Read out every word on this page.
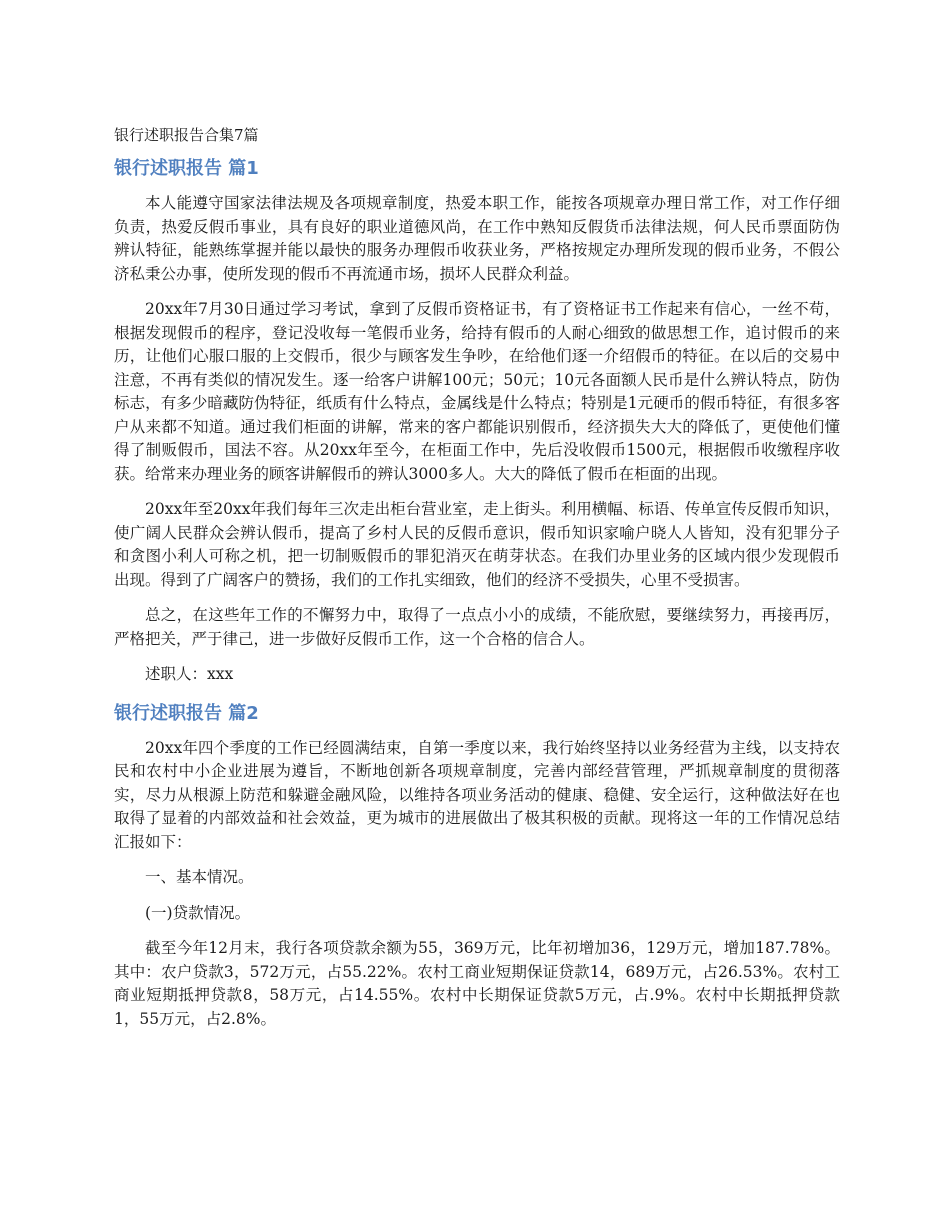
银行述职报告合集7篇
银行述职报告 篇1

本人能遵守国家法律法规及各项规章制度，热爱本职工作，能按各项规章办理日常工作，对工作仔细负责，热爱反假币事业，具有良好的职业道德风尚，在工作中熟知反假货币法律法规，何人民币票面防伪辨认特征，能熟练掌握并能以最快的服务办理假币收获业务，严格按规定办理所发现的假币业务，不假公济私秉公办事，使所发现的假币不再流通市场，损坏人民群众利益。

20xx年7月30日通过学习考试，拿到了反假币资格证书，有了资格证书工作起来有信心，一丝不苟，根据发现假币的程序，登记没收每一笔假币业务，给持有假币的人耐心细致的做思想工作，追讨假币的来历，让他们心服口服的上交假币，很少与顾客发生争吵，在给他们逐一介绍假币的特征。在以后的交易中注意，不再有类似的情况发生。逐一给客户讲解100元；50元；10元各面额人民币是什么辨认特点，防伪标志，有多少暗藏防伪特征，纸质有什么特点，金属线是什么特点；特别是1元硬币的假币特征，有很多客户从来都不知道。通过我们柜面的讲解，常来的客户都能识别假币，经济损失大大的降低了，更使他们懂得了制贩假币，国法不容。从20xx年至今，在柜面工作中，先后没收假币1500元，根据假币收缴程序收获。给常来办理业务的顾客讲解假币的辨认3000多人。大大的降低了假币在柜面的出现。

20xx年至20xx年我们每年三次走出柜台营业室，走上街头。利用横幅、标语、传单宣传反假币知识，使广阔人民群众会辨认假币，提高了乡村人民的反假币意识，假币知识家喻户晓人人皆知，没有犯罪分子和贪图小利人可称之机，把一切制贩假币的罪犯消灭在萌芽状态。在我们办里业务的区域内很少发现假币出现。得到了广阔客户的赞扬，我们的工作扎实细致，他们的经济不受损失，心里不受损害。

总之，在这些年工作的不懈努力中，取得了一点点小小的成绩，不能欣慰，要继续努力，再接再厉，严格把关，严于律己，进一步做好反假币工作，这一个合格的信合人。

述职人：xxx

银行述职报告 篇2

20xx年四个季度的工作已经圆满结束，自第一季度以来，我行始终坚持以业务经营为主线，以支持农民和农村中小企业进展为遵旨，不断地创新各项规章制度，完善内部经营管理，严抓规章制度的贯彻落实，尽力从根源上防范和躲避金融风险，以维持各项业务活动的健康、稳健、安全运行，这种做法好在也取得了显着的内部效益和社会效益，更为城市的进展做出了极其积极的贡献。现将这一年的工作情况总结汇报如下：

一、基本情况。

(一)贷款情况。

截至今年12月末，我行各项贷款余额为55，369万元，比年初增加36，129万元，增加187.78%。其中：农户贷款3，572万元，占55.22%。农村工商业短期保证贷款14，689万元，占26.53%。农村工商业短期抵押贷款8，58万元，占14.55%。农村中长期保证贷款5万元，占.9%。农村中长期抵押贷款1，55万元，占2.8%。
